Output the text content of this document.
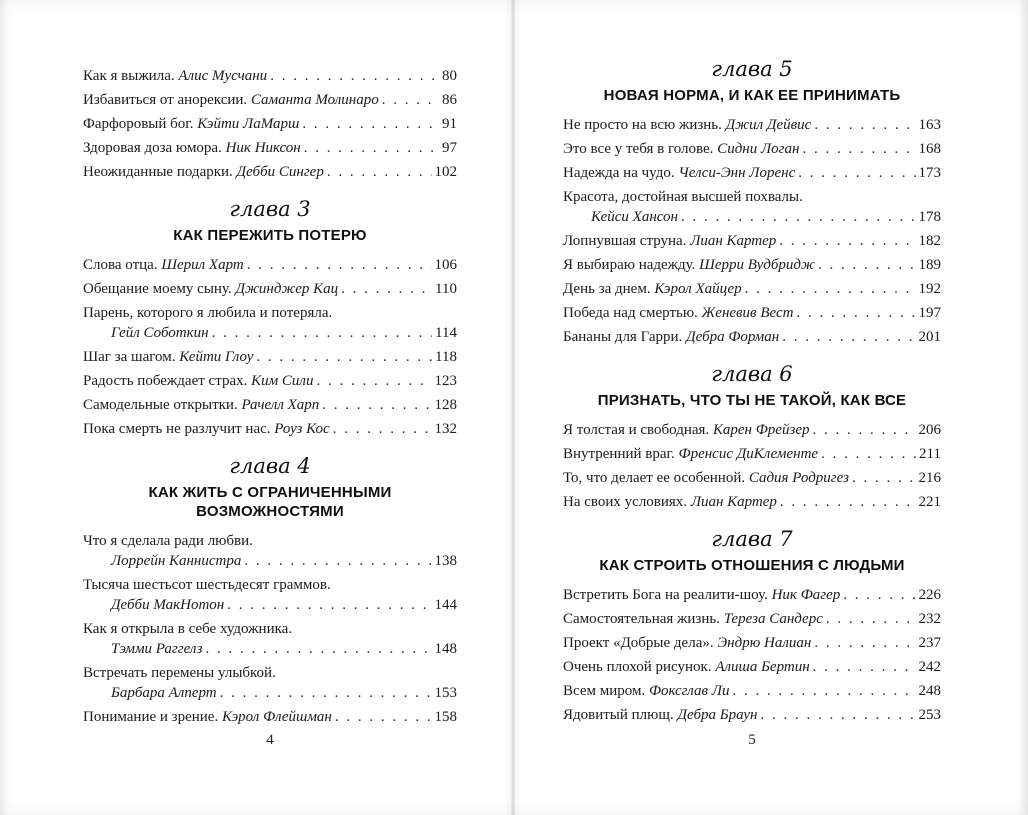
Как я выжила. Алис Мусчани . . .	80
Избавиться от анорексии. Саманта Молинаро . . .	86
Фарфоровый бог. Кэйти ЛаМарш . . .	91
Здоровая доза юмора. Ник Никсон . . .	97
Неожиданные подарки. Дебби Сингер . . .	102
глава 3
КАК ПЕРЕЖИТЬ ПОТЕРЮ
Слова отца. Шерил Харт . . .	106
Обещание моему сыну. Джинджер Кац . . .	110
Парень, которого я любила и потеряла.
Гейл Соботкин . . .	114
Шаг за шагом. Кейти Глоу . . .	118
Радость побеждает страх. Ким Сили . . .	123
Самодельные открытки. Рачелл Харп . . .	128
Пока смерть не разлучит нас. Роуз Кос . . .	132
глава 4
КАК ЖИТЬ С ОГРАНИЧЕННЫМИ ВОЗМОЖНОСТЯМИ
Что я сделала ради любви.
Лоррейн Каннистра . . .	138
Тысяча шестьсот шестьдесят граммов.
Дебби МакНотон . . .	144
Как я открыла в себе художника.
Тэмми Раггелз . . .	148
Встречать перемены улыбкой.
Барбара Алперт . . .	153
Понимание и зрение. Кэрол Флейшман . . .	158
4
глава 5
НОВАЯ НОРМА, И КАК ЕЕ ПРИНИМАТЬ
Не просто на всю жизнь. Джил Дейвис . . .	163
Это все у тебя в голове. Сидни Логан . . .	168
Надежда на чудо. Челси-Энн Лоренс . . .	173
Красота, достойная высшей похвалы.
Кейси Хансон . . .	178
Лопнувшая струна. Лиан Картер . . .	182
Я выбираю надежду. Шерри Вудбридж . . .	189
День за днем. Кэрол Хайцер . . .	192
Победа над смертью. Женевив Вест . . .	197
Бананы для Гарри. Дебра Форман . . .	201
глава 6
ПРИЗНАТЬ, ЧТО ТЫ НЕ ТАКОЙ, КАК ВСЕ
Я толстая и свободная. Карен Фрейзер . . .	206
Внутренний враг. Френсис ДиКлементе . . .	211
То, что делает ее особенной. Садия Родригез . . .	216
На своих условиях. Лиан Картер . . .	221
глава 7
КАК СТРОИТЬ ОТНОШЕНИЯ С ЛЮДЬМИ
Встретить Бога на реалити-шоу. Ник Фагер . . .	226
Самостоятельная жизнь. Тереза Сандерс . . .	232
Проект «Добрые дела». Эндрю Налиан . . .	237
Очень плохой рисунок. Алиша Бертин . . .	242
Всем миром. Фоксглав Ли . . .	248
Ядовитый плющ. Дебра Браун . . .	253
5
